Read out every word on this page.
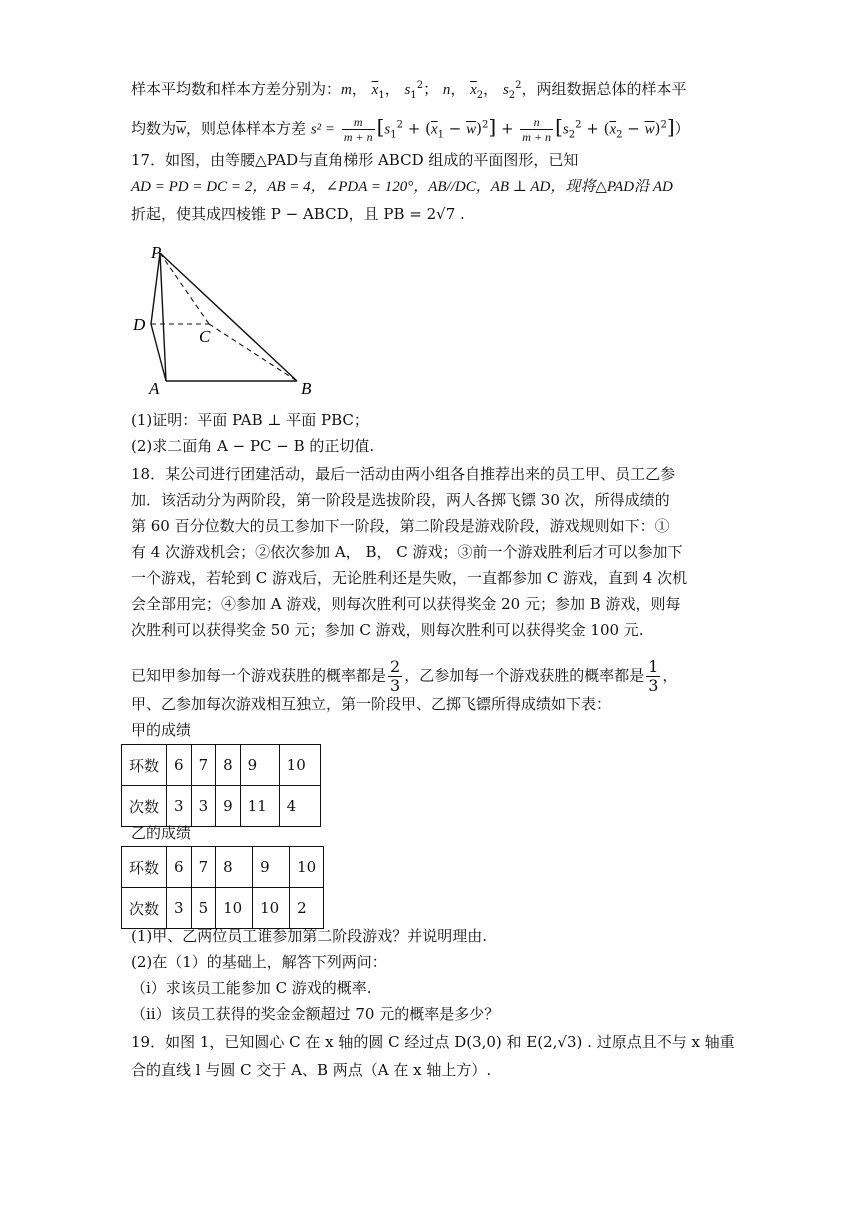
样本平均数和样本方差分别为：m， $\overline{x}_1$， $s_1^2$； n， $\overline{x}_2$， $s_2^2$，两组数据总体的样本平
均数为$\overline{w}$，则总体样本方差 $s^2 = \frac{m}{m + n} [s_1^2 + (\overline{x}_1 - \overline{w})^2] + \frac{n}{m + n} [s_2^2 + (\overline{x}_2 - \overline{w})^2]$）
17．如图，由等腰△PAD与直角梯形 ABCD 组成的平面图形，已知
AD = PD = DC = 2，AB = 4，∠PDA = 120°，AB//DC，AB ⊥ AD，现将△PAD沿 AD
折起，使其成四棱锥 P − ABCD，且 PB = 2√7 .
P
D
C
A	B
(1)证明：平面 PAB ⊥ 平面 PBC；
(2)求二面角 A − PC − B 的正切值.
18．某公司进行团建活动，最后一活动由两小组各自推荐出来的员工甲、员工乙参
加．该活动分为两阶段，第一阶段是选拔阶段，两人各掷飞镖 30 次，所得成绩的
第 60 百分位数大的员工参加下一阶段，第二阶段是游戏阶段，游戏规则如下：①
有 4 次游戏机会；②依次参加 A， B， C 游戏；③前一个游戏胜利后才可以参加下
一个游戏，若轮到 C 游戏后，无论胜利还是失败，一直都参加 C 游戏，直到 4 次机
会全部用完；④参加 A 游戏，则每次胜利可以获得奖金 20 元；参加 B 游戏，则每
次胜利可以获得奖金 50 元；参加 C 游戏，则每次胜利可以获得奖金 100 元.
已知甲参加每一个游戏获胜的概率都是 $\frac{2}{3}$ ，乙参加每一个游戏获胜的概率都是 $\frac{1}{3}$ ，
甲、乙参加每次游戏相互独立，第一阶段甲、乙掷飞镖所得成绩如下表：
甲的成绩
环数	6	7	8	9	10
次数	3	3	9	11	4
乙的成绩
环数	6	7	8	9	10
次数	3	5	10	10	2
(1)甲、乙两位员工谁参加第二阶段游戏？并说明理由.
(2)在（1）的基础上，解答下列两问：
（i）求该员工能参加 C 游戏的概率.
（ii）该员工获得的奖金金额超过 70 元的概率是多少？
19．如图 1，已知圆心 C 在 x 轴的圆 C 经过点 D(3,0) 和 E(2,√3) . 过原点且不与 x 轴重
合的直线 l 与圆 C 交于 A、B 两点（A 在 x 轴上方）.
